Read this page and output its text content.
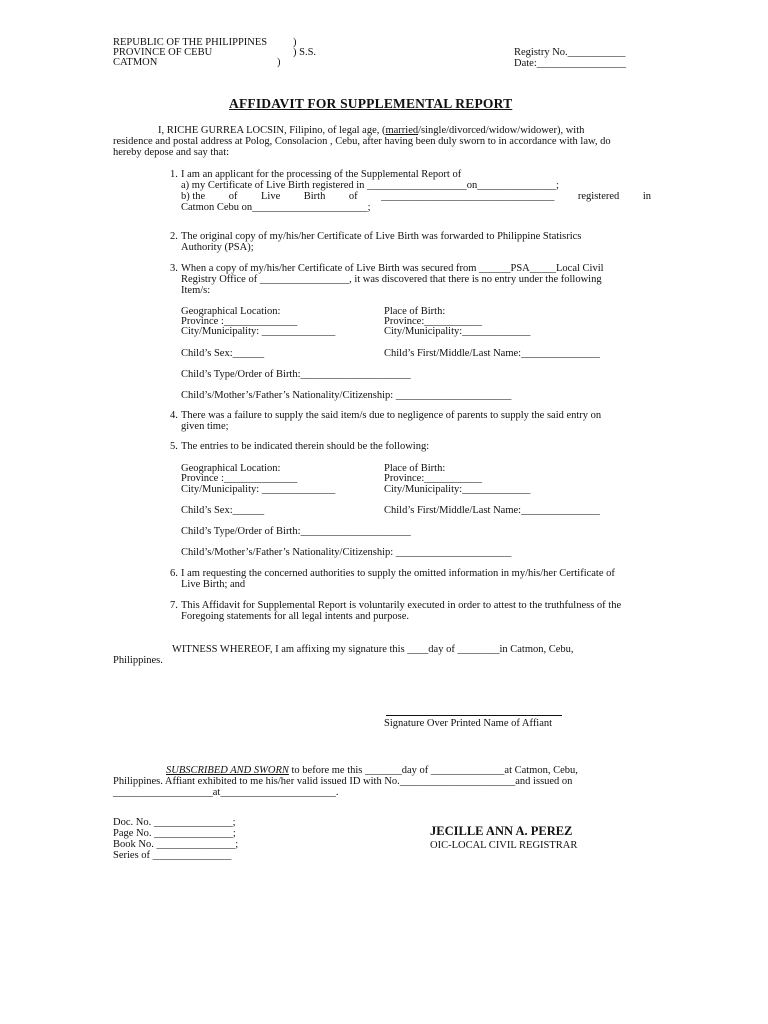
REPUBLIC OF THE PHILIPPINES
PROVINCE OF CEBU
CATMON
)
) S.S.
)
Registry No.___________
Date:_________________
AFFIDAVIT FOR SUPPLEMENTAL REPORT
I, RICHE GURREA LOCSIN, Filipino, of legal age, (married/single/divorced/widow/widower), with
residence and postal address at Polog, Consolacion , Cebu, after having been duly sworn to in accordance with law, do
hereby depose and say that:
1. I am an applicant for the processing of the Supplemental Report of
a) my Certificate of Live Birth registered in ___________________on_______________;
b) the of Live Birth of _________________________________ registered in
Catmon Cebu on______________________;
2. The original copy of my/his/her Certificate of Live Birth was forwarded to Philippine Statisrics
Authority (PSA);
3. When a copy of my/his/her Certificate of Live Birth was secured from ______PSA_____Local Civil
Registry Office of _________________, it was discovered that there is no entry under the following
Item/s:
Geographical Location:
Province :______________
City/Municipality: ______________
Place of Birth:
Province:___________
City/Municipality:_____________
Child’s Sex:______	Child’s First/Middle/Last Name:_______________
Child’s Type/Order of Birth:_____________________
Child’s/Mother’s/Father’s Nationality/Citizenship: ______________________
4. There was a failure to supply the said item/s due to negligence of parents to supply the said entry on
given time;
5. The entries to be indicated therein should be the following:
Geographical Location:
Province :______________
City/Municipality: ______________
Place of Birth:
Province:___________
City/Municipality:_____________
Child’s Sex:______	Child’s First/Middle/Last Name:_______________
Child’s Type/Order of Birth:_____________________
Child’s/Mother’s/Father’s Nationality/Citizenship: ______________________
6. I am requesting the concerned authorities to supply the omitted information in my/his/her Certificate of
Live Birth; and
7. This Affidavit for Supplemental Report is voluntarily executed in order to attest to the truthfulness of the
Foregoing statements for all legal intents and purpose.
WITNESS WHEREOF, I am affixing my signature this ____day of ________in Catmon, Cebu,
Philippines.
Signature Over Printed Name of Affiant
SUBSCRIBED AND SWORN to before me this _______day of ______________at Catmon, Cebu,
Philippines. Affiant exhibited to me his/her valid issued ID with No.______________________and issued on
___________________at______________________.
Doc. No. _______________;
Page No. _______________;
Book No. _______________;
Series of _______________
JECILLE ANN A. PEREZ
OIC-LOCAL CIVIL REGISTRAR
